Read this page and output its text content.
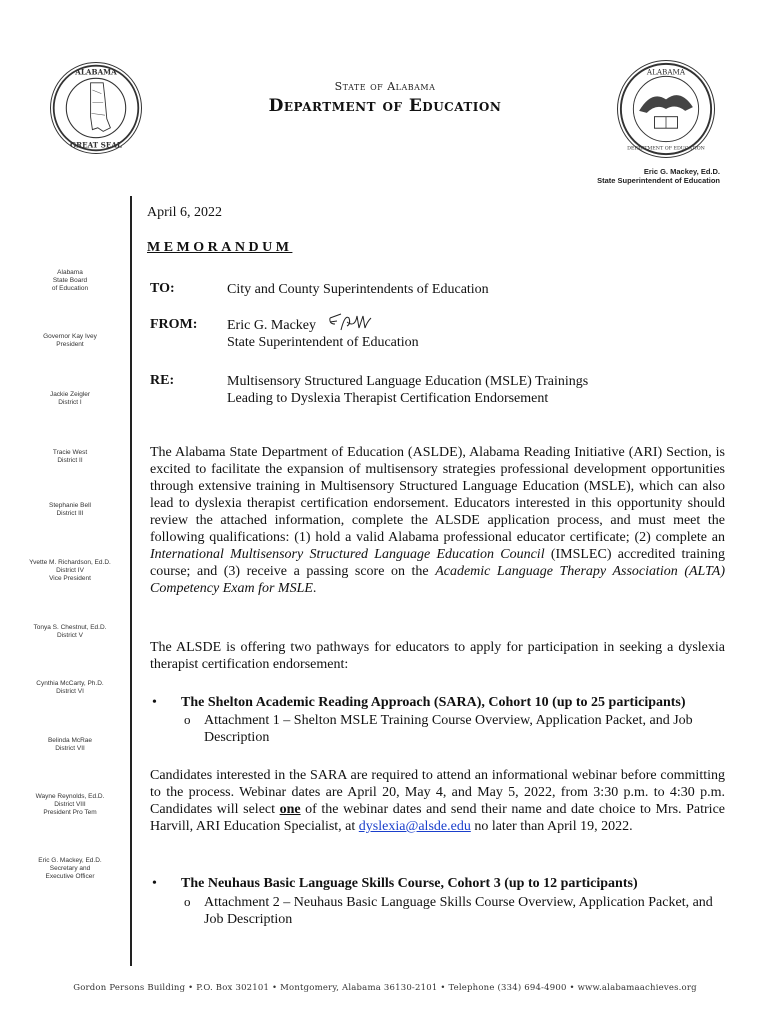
ALABAMA
GREAT SEAL
State of Alabama
Department of Education
ALABAMA
DEPARTMENT OF EDUCATION
Eric G. Mackey, Ed.D.
State Superintendent of Education
Alabama
State Board
of Education
Governor Kay Ivey
President
Jackie Zeigler
District I
Tracie West
District II
Stephanie Bell
District III
Yvette M. Richardson, Ed.D.
District IV
Vice President
Tonya S. Chestnut, Ed.D.
District V
Cynthia McCarty, Ph.D.
District VI
Belinda McRae
District VII
Wayne Reynolds, Ed.D.
District VIII
President Pro Tem
Eric G. Mackey, Ed.D.
Secretary and
Executive Officer
April 6, 2022
MEMORANDUM
TO:	City and County Superintendents of Education
FROM: Eric G. Mackey
State Superintendent of Education
RE:	Multisensory Structured Language Education (MSLE) Trainings
Leading to Dyslexia Therapist Certification Endorsement

The Alabama State Department of Education (ASLDE), Alabama Reading Initiative (ARI) Section, is excited to facilitate the expansion of multisensory strategies professional development opportunities through extensive training in Multisensory Structured Language Education (MSLE), which can also lead to dyslexia therapist certification endorsement. Educators interested in this opportunity should review the attached information, complete the ALSDE application process, and must meet the following qualifications: (1) hold a valid Alabama professional educator certificate; (2) complete an International Multisensory Structured Language Education Council (IMSLEC) accredited training course; and (3) receive a passing score on the Academic Language Therapy Association (ALTA) Competency Exam for MSLE.

The ALSDE is offering two pathways for educators to apply for participation in seeking a dyslexia therapist certification endorsement:

• The Shelton Academic Reading Approach (SARA), Cohort 10 (up to 25 participants)
o Attachment 1 – Shelton MSLE Training Course Overview, Application Packet, and Job Description

Candidates interested in the SARA are required to attend an informational webinar before committing to the process. Webinar dates are April 20, May 4, and May 5, 2022, from 3:30 p.m. to 4:30 p.m. Candidates will select one of the webinar dates and send their name and date choice to Mrs. Patrice Harvill, ARI Education Specialist, at dyslexia@alsde.edu no later than April 19, 2022.

• The Neuhaus Basic Language Skills Course, Cohort 3 (up to 12 participants)
o Attachment 2 – Neuhaus Basic Language Skills Course Overview, Application Packet, and Job Description
Gordon Persons Building • P.O. Box 302101 • Montgomery, Alabama 36130-2101 • Telephone (334) 694-4900 • www.alabamaachieves.org
